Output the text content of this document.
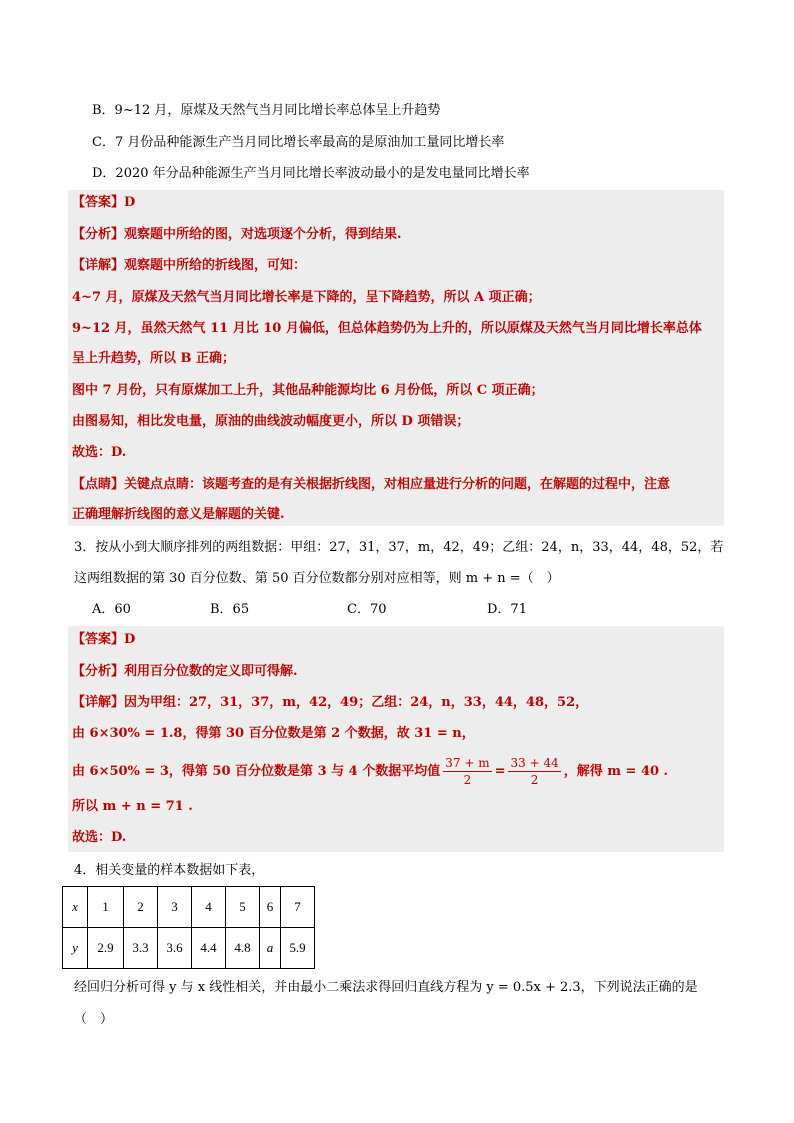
B．9~12 月，原煤及天然气当月同比增长率总体呈上升趋势
C．7 月份品种能源生产当月同比增长率最高的是原油加工量同比增长率
D．2020 年分品种能源生产当月同比增长率波动最小的是发电量同比增长率
【答案】D
【分析】观察题中所给的图，对选项逐个分析，得到结果.
【详解】观察题中所给的折线图，可知：
4~7 月，原煤及天然气当月同比增长率是下降的，呈下降趋势，所以 A 项正确；
9~12 月，虽然天然气 11 月比 10 月偏低，但总体趋势仍为上升的，所以原煤及天然气当月同比增长率总体
呈上升趋势，所以 B 正确；
图中 7 月份，只有原煤加工上升，其他品种能源均比 6 月份低，所以 C 项正确；
由图易知，相比发电量，原油的曲线波动幅度更小，所以 D 项错误；
故选：D.
【点睛】关键点点睛：该题考查的是有关根据折线图，对相应量进行分析的问题，在解题的过程中，注意
正确理解折线图的意义是解题的关键.
3．按从小到大顺序排列的两组数据：甲组：27，31，37，m，42，49；乙组：24，n，33，44，48，52，若
这两组数据的第 30 百分位数、第 50 百分位数都分别对应相等，则 m + n =（　）
A．60	B．65	C．70	D．71
【答案】D
【分析】利用百分位数的定义即可得解.
【详解】因为甲组：27，31，37，m，42，49；乙组：24，n，33，44，48，52，
由 6×30% = 1.8，得第 30 百分位数是第 2 个数据，故 31 = n，
由 6×50% = 3，得第 50 百分位数是第 3 与 4 个数据平均值 $\frac{37 + m}{2} = \frac{33 + 44}{2}$ ，解得 m = 40 .
所以 m + n = 71 .
故选：D.
4．相关变量的样本数据如下表，
x	1	2	3	4	5	6	7
y	2.9	3.3	3.6	4.4	4.8	a	5.9
经回归分析可得 y 与 x 线性相关，并由最小二乘法求得回归直线方程为 y = 0.5x + 2.3，下列说法正确的是
（　）
